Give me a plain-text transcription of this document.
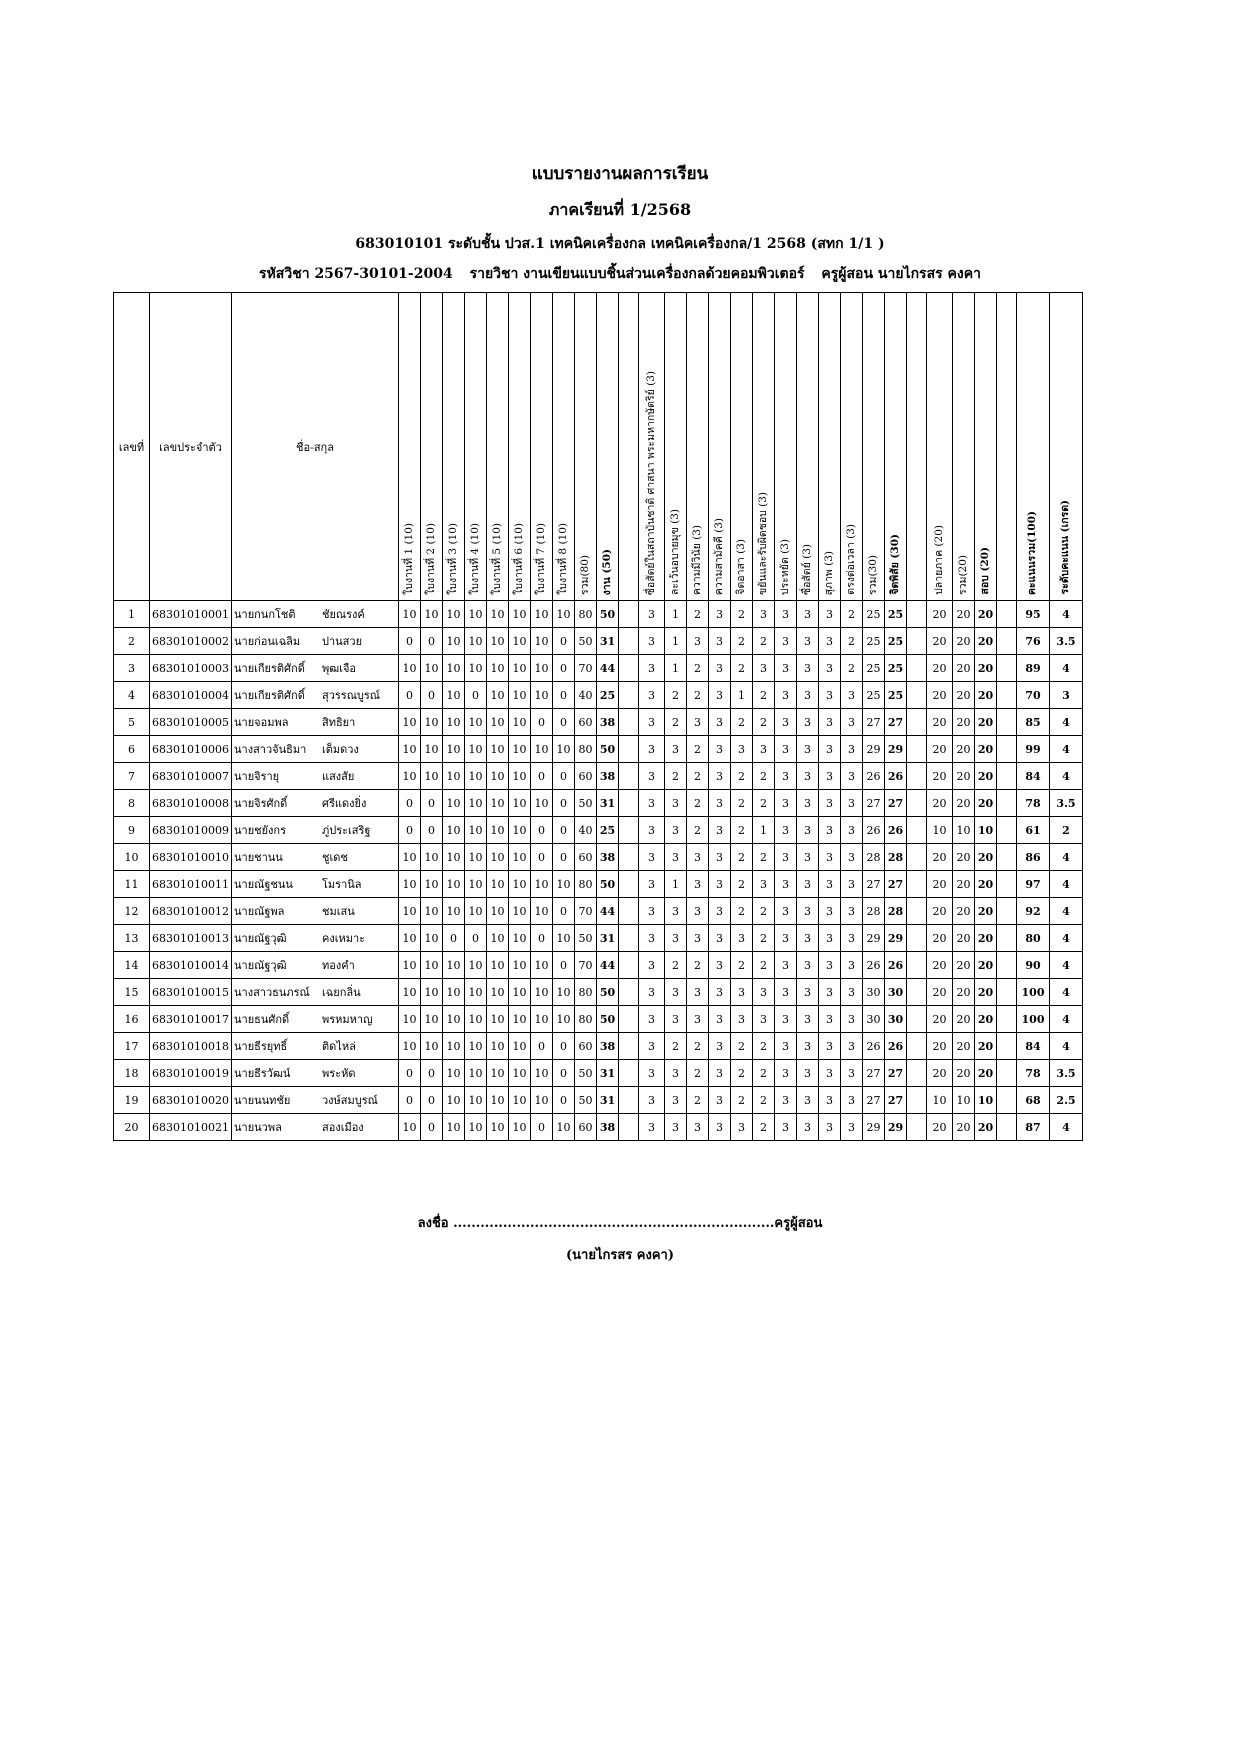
แบบรายงานผลการเรียน
ภาคเรียนที่ 1/2568
683010101 ระดับชั้น ปวส.1 เทคนิคเครื่องกล เทคนิคเครื่องกล/1 2568 (สทก 1/1 )
รหัสวิชา 2567-30101-2004 รายวิชา งานเขียนแบบชิ้นส่วนเครื่องกลด้วยคอมพิวเตอร์ ครูผู้สอน นายไกรสร คงคา
เลขที่	เลขประจำตัว	ชื่อ-สกุล	ใบงานที่ 1 (10)	ใบงานที่ 2 (10)	ใบงานที่ 3 (10)	ใบงานที่ 4 (10)	ใบงานที่ 5 (10)	ใบงานที่ 6 (10)	ใบงานที่ 7 (10)	ใบงานที่ 8 (10)	รวม(80)	งาน (50)		ซื่อสัตย์ในสถาบันชาติ ศาสนา พระมหากษัตริย์ (3)	ละเว้นอบายมุข (3)	ความมีวินัย (3)	ความสามัคคี (3)	จิตอาสา (3)	ขยันและรับผิดชอบ (3)	ประหยัด (3)	ซื่อสัตย์ (3)	สุภาพ (3)	ตรงต่อเวลา (3)	รวม(30)	จิตพิสัย (30)		ปลายภาค (20)	รวม(20)	สอบ (20)		คะแนนรวม(100)	ระดับคะแนน (เกรด)
1	68301010001	นายกนกโชติ ชัยณรงค์	10	10	10	10	10	10	10	10	80	50		3	1	2	3	2	3	3	3	3	2	25	25		20	20	20		95	4
2	68301010002	นายก่อนเฉลิม ปานสวย	0	0	10	10	10	10	10	0	50	31		3	1	3	3	2	2	3	3	3	2	25	25		20	20	20		76	3.5
3	68301010003	นายเกียรติศักดิ์ พุฒเจือ	10	10	10	10	10	10	10	0	70	44		3	1	2	3	2	3	3	3	3	2	25	25		20	20	20		89	4
4	68301010004	นายเกียรติศักดิ์ สุวรรณบูรณ์	0	0	10	0	10	10	10	0	40	25		3	2	2	3	1	2	3	3	3	3	25	25		20	20	20		70	3
5	68301010005	นายจอมพล สิทธิยา	10	10	10	10	10	10	0	0	60	38		3	2	3	3	2	2	3	3	3	3	27	27		20	20	20		85	4
6	68301010006	นางสาวจันธิมา เต็มดวง	10	10	10	10	10	10	10	10	80	50		3	3	2	3	3	3	3	3	3	3	29	29		20	20	20		99	4
7	68301010007	นายจิรายุ แสงสัย	10	10	10	10	10	10	0	0	60	38		3	2	2	3	2	2	3	3	3	3	26	26		20	20	20		84	4
8	68301010008	นายจิรศักดิ์ ศรีแดงยิ่ง	0	0	10	10	10	10	10	0	50	31		3	3	2	3	2	2	3	3	3	3	27	27		20	20	20		78	3.5
9	68301010009	นายชยังกร ภู่ประเสริฐ	0	0	10	10	10	10	0	0	40	25		3	3	2	3	2	1	3	3	3	3	26	26		10	10	10		61	2
10	68301010010	นายชานน ชูเดช	10	10	10	10	10	10	0	0	60	38		3	3	3	3	2	2	3	3	3	3	28	28		20	20	20		86	4
11	68301010011	นายณัฐชนน โมรานิล	10	10	10	10	10	10	10	10	80	50		3	1	3	3	2	3	3	3	3	3	27	27		20	20	20		97	4
12	68301010012	นายณัฐพล ชมเสน	10	10	10	10	10	10	10	0	70	44		3	3	3	3	2	2	3	3	3	3	28	28		20	20	20		92	4
13	68301010013	นายณัฐวุฒิ คงเหมาะ	10	10	0	0	10	10	0	10	50	31		3	3	3	3	3	2	3	3	3	3	29	29		20	20	20		80	4
14	68301010014	นายณัฐวุฒิ ทองคำ	10	10	10	10	10	10	10	0	70	44		3	2	2	3	2	2	3	3	3	3	26	26		20	20	20		90	4
15	68301010015	นางสาวธนภรณ์ เฉยกลิ่น	10	10	10	10	10	10	10	10	80	50		3	3	3	3	3	3	3	3	3	3	30	30		20	20	20		100	4
16	68301010017	นายธนศักดิ์ พรหมหาญ	10	10	10	10	10	10	10	10	80	50		3	3	3	3	3	3	3	3	3	3	30	30		20	20	20		100	4
17	68301010018	นายธีรยุทธิ์ ติดไหล่	10	10	10	10	10	10	0	0	60	38		3	2	2	3	2	2	3	3	3	3	26	26		20	20	20		84	4
18	68301010019	นายธีรวัฒน์ พระหัด	0	0	10	10	10	10	10	0	50	31		3	3	2	3	2	2	3	3	3	3	27	27		20	20	20		78	3.5
19	68301010020	นายนนทชัย วงษ์สมบูรณ์	0	0	10	10	10	10	10	0	50	31		3	3	2	3	2	2	3	3	3	3	27	27		10	10	10		68	2.5
20	68301010021	นายนวพล สองเมือง	10	0	10	10	10	10	0	10	60	38		3	3	3	3	3	2	3	3	3	3	29	29		20	20	20		87	4
ลงชื่อ .......................................................................ครูผู้สอน
(นายไกรสร คงคา)
